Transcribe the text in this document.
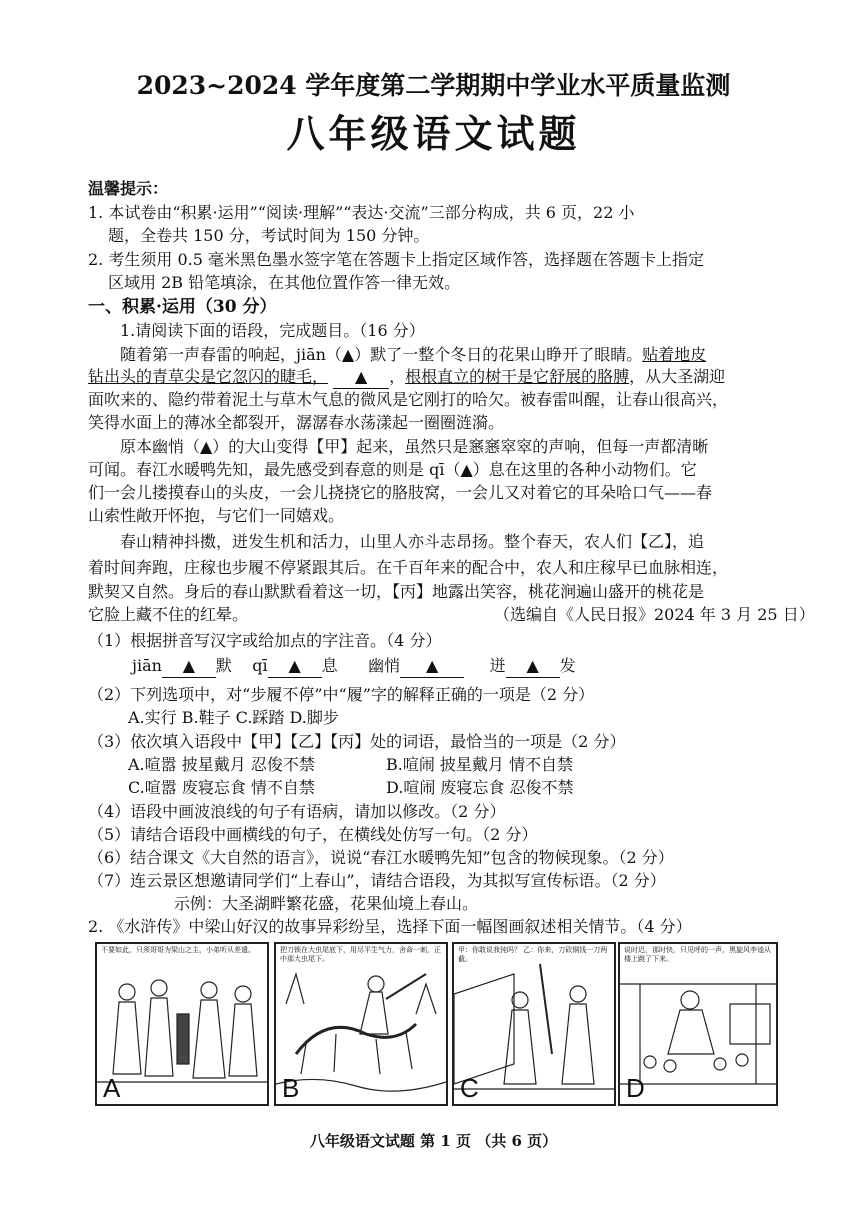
2023~2024 学年度第二学期期中学业水平质量监测
八年级语文试题
温馨提示：
1. 本试卷由“积累·运用”“阅读·理解”“表达·交流”三部分构成，共 6 页，22 小
题，全卷共 150 分，考试时间为 150 分钟。
2. 考生须用 0.5 毫米黑色墨水签字笔在答题卡上指定区域作答，选择题在答题卡上指定
区域用 2B 铅笔填涂，在其他位置作答一律无效。
一、积累·运用（30 分）
1.请阅读下面的语段，完成题目。（16 分）
随着第一声春雷的响起，jiān（▲）默了一整个冬日的花果山睁开了眼睛。贴着地皮
钻出头的青草尖是它忽闪的睫毛， ▲ ，根根直立的树干是它舒展的胳膊，从大圣湖迎
面吹来的、隐约带着泥土与草木气息的微风是它刚打的哈欠。被春雷叫醒，让春山很高兴，
笑得水面上的薄冰全都裂开，潺潺春水荡漾起一圈圈涟漪。
原本幽悄（▲）的大山变得【甲】起来，虽然只是窸窸窣窣的声响，但每一声都清晰
可闻。春江水暖鸭先知，最先感受到春意的则是 qī（▲）息在这里的各种小动物们。它
们一会儿搂摸春山的头皮，一会儿挠挠它的胳肢窝，一会儿又对着它的耳朵哈口气——春
山索性敞开怀抱，与它们一同嬉戏。
春山精神抖擞，迸发生机和活力，山里人亦斗志昂扬。整个春天，农人们【乙】，追
着时间奔跑，庄稼也步履不停紧跟其后。在千百年来的配合中，农人和庄稼早已血脉相连，
默契又自然。身后的春山默默看着这一切，【丙】地露出笑容，桃花涧遍山盛开的桃花是
它脸上藏不住的红晕。	（选编自《人民日报》2024 年 3 月 25 日）
（1）根据拼音写汉字或给加点的字注音。（4 分）
jiān ▲ 默 qī ▲ 息 幽悄 ▲	迸 ▲ 发
（2）下列选项中，对“步履不停”中“履”字的解释正确的一项是（2 分）
A.实行 B.鞋子 C.踩踏 D.脚步
（3）依次填入语段中【甲】【乙】【丙】处的词语，最恰当的一项是（2 分）
A.喧嚣 披星戴月 忍俊不禁	B.喧闹 披星戴月 情不自禁
C.喧嚣 废寝忘食 情不自禁	D.喧闹 废寝忘食 忍俊不禁
（4）语段中画波浪线的句子有语病，请加以修改。（2 分）
（5）请结合语段中画横线的句子，在横线处仿写一句。（2 分）
（6）结合课文《大自然的语言》，说说“春江水暖鸭先知”包含的物候现象。（2 分）
（7）连云景区想邀请同学们“上春山”，请结合语段，为其拟写宣传标语。（2 分）
示例：大圣湖畔繁花盛，花果仙境上春山。
2. 《水浒传》中梁山好汉的故事异彩纷呈，选择下面一幅图画叙述相关情节。（4 分）
不要如此，只须哥哥为梁山之主，小弟听从差遣。
A
把刀锁在大虫尾底下，用尽平生气力，舍命一刺，正中那大虫尾下。
B
甲：你敢说我钝吗？ 乙：你来，刀砍铜钱一刀两截。
C
说时迟，那时快，只见呼的一声，黑旋风李逵从楼上跳了下来。
D
八年级语文试题 第 1 页 （共 6 页）
